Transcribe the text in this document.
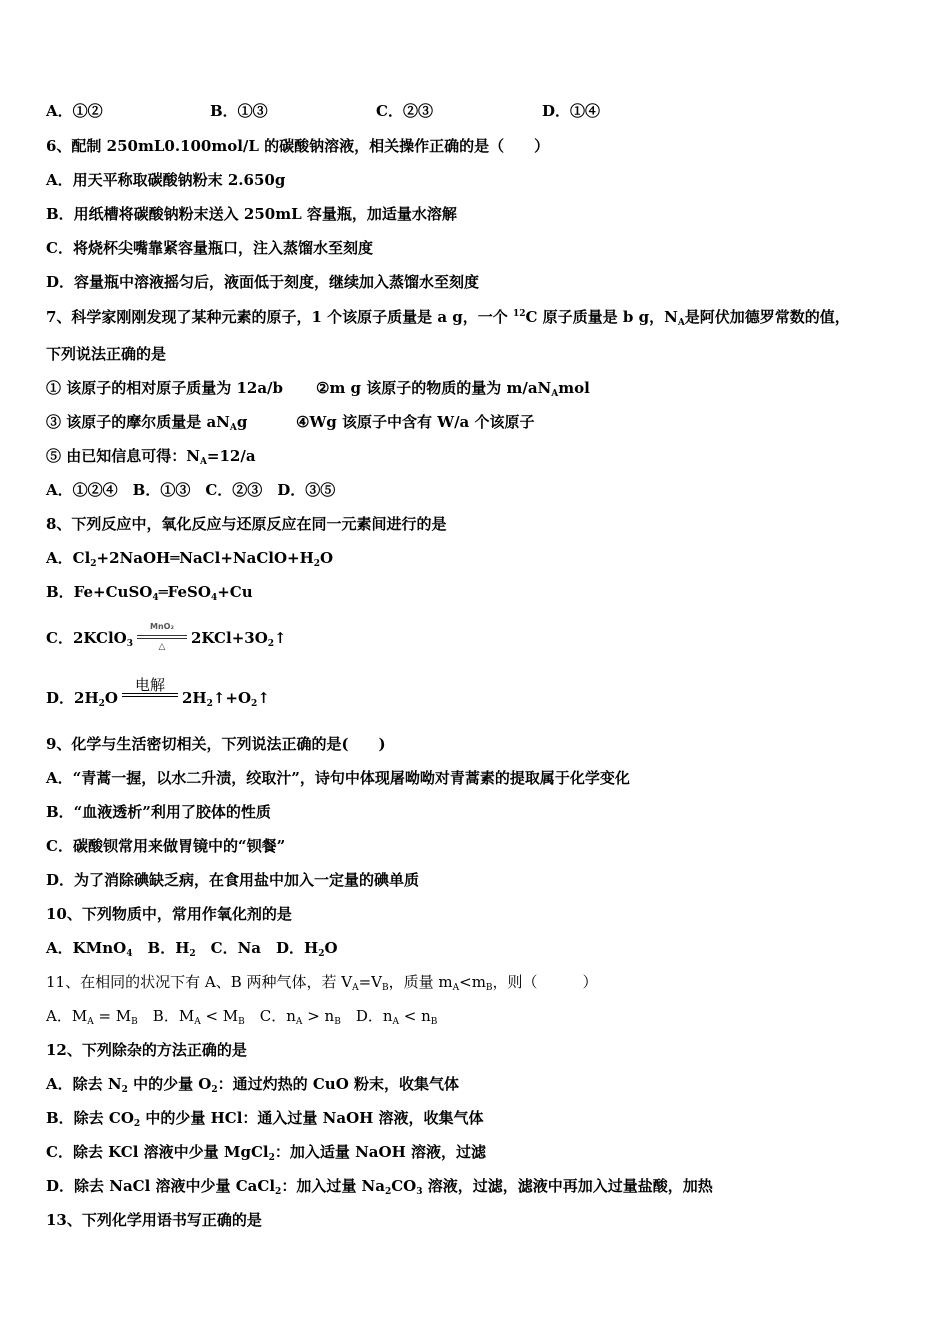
A．①②	B．①③	C．②③	D．①④
6、配制 250mL0.100mol/L 的碳酸钠溶液，相关操作正确的是（　　）
A．用天平称取碳酸钠粉末 2.650g
B．用纸槽将碳酸钠粉末送入 250mL 容量瓶，加适量水溶解
C．将烧杯尖嘴靠紧容量瓶口，注入蒸馏水至刻度
D．容量瓶中溶液摇匀后，液面低于刻度，继续加入蒸馏水至刻度
7、科学家刚刚发现了某种元素的原子，1 个该原子质量是 a g，一个 $^{12}$C 原子质量是 b g，$N_A$是阿伏加德罗常数的值，
下列说法正确的是
① 该原子的相对原子质量为 12a/b ②m g 该原子的物质的量为 $m/aN_Amol$
③ 该原子的摩尔质量是 $aN_Ag$	④Wg 该原子中含有 W/a 个该原子
⑤ 由已知信息可得：$N_A=12/a$
A．①②④　B．①③　C．②③　D．③⑤
8、下列反应中，氧化反应与还原反应在同一元素间进行的是
A．$Cl_2+2NaOH═NaCl+NaClO+H_2O$
B．Fe+CuSO$_4$═FeSO$_4$+Cu
C．2KClO$_3$
MnO₂
△	$2KCl+3O_2↑$
D．$2H_2O$
电解
$2H_2↑+O_2↑$
9、化学与生活密切相关，下列说法正确的是(　　)
A．“青蒿一握，以水二升渍，绞取汁”，诗句中体现屠呦呦对青蒿素的提取属于化学变化
B．“血液透析”利用了胶体的性质
C．碳酸钡常用来做胃镜中的“钡餐”
D．为了消除碘缺乏病，在食用盐中加入一定量的碘单质
10、下列物质中，常用作氧化剂的是
A．KMnO$_4$　B．$H_2$　C．Na　D．$H_2O$
11、在相同的状况下有 A、B 两种气体，若 $V_A=V_B$，质量 $m_A<m_B$，则（　　　）
A．$M_A = M_B$　B．$M_A < M_B$　C．$n_A > n_B$　D．$n_A < n_B$
12、下列除杂的方法正确的是
A．除去 $N_2$ 中的少量 $O_2$：通过灼热的 CuO 粉末，收集气体
B．除去 $CO_2$ 中的少量 HCl：通入过量 NaOH 溶液，收集气体
C．除去 KCl 溶液中少量 MgCl$_2$：加入适量 NaOH 溶液，过滤
D．除去 NaCl 溶液中少量 CaCl$_2$：加入过量 $Na_2CO_3$ 溶液，过滤，滤液中再加入过量盐酸，加热
13、下列化学用语书写正确的是
